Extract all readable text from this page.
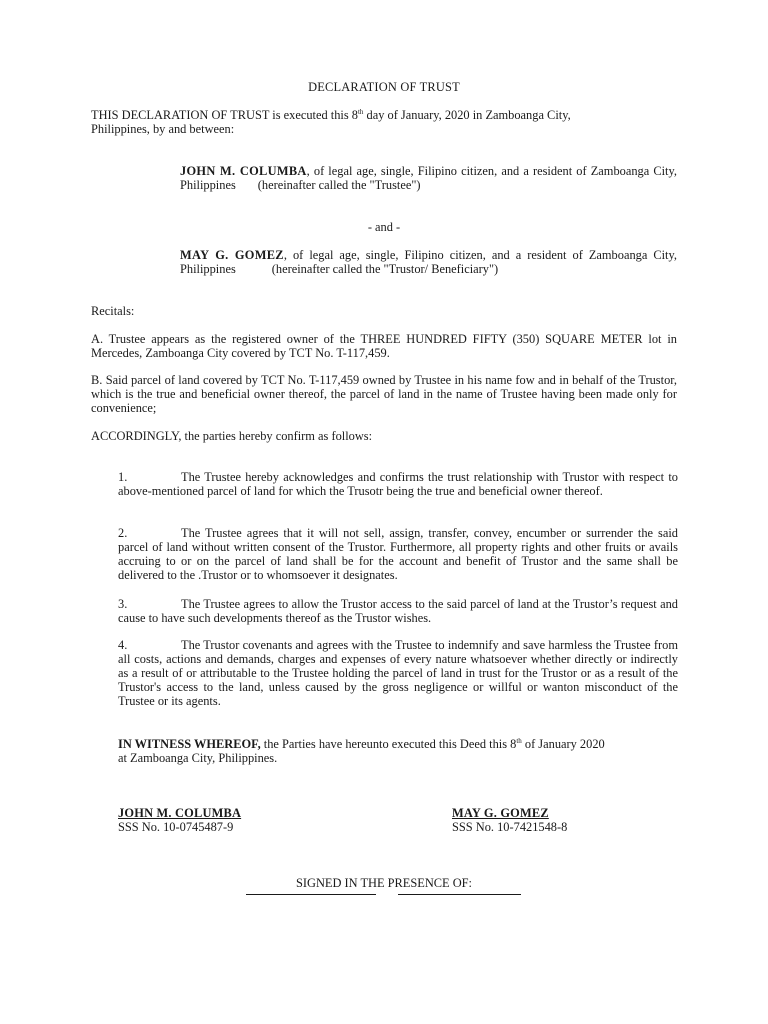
DECLARATION OF TRUST
THIS DECLARATION OF TRUST is executed this 8th day of January, 2020 in Zamboanga City,
Philippines, by and between:
JOHN M. COLUMBA, of legal age, single, Filipino citizen, and a resident of Zamboanga City, Philippines (hereinafter called the "Trustee")
- and -
MAY G. GOMEZ, of legal age, single, Filipino citizen, and a resident of Zamboanga City, Philippines	(hereinafter called the "Trustor/ Beneficiary")
Recitals:
A. Trustee appears as the registered owner of the THREE HUNDRED FIFTY (350) SQUARE METER lot in Mercedes, Zamboanga City covered by TCT No. T-117,459.
B. Said parcel of land covered by TCT No. T-117,459 owned by Trustee in his name fow and in behalf of the Trustor, which is the true and beneficial owner thereof, the parcel of land in the name of Trustee having been made only for convenience;
ACCORDINGLY, the parties hereby confirm as follows:
1.	The Trustee hereby acknowledges and confirms the trust relationship with Trustor with respect to above-mentioned parcel of land for which the Trusotr being the true and beneficial owner thereof.
2.	The Trustee agrees that it will not sell, assign, transfer, convey, encumber or surrender the said parcel of land without written consent of the Trustor. Furthermore, all property rights and other fruits or avails accruing to or on the parcel of land shall be for the account and benefit of Trustor and the same shall be delivered to the .Trustor or to whomsoever it designates.
3.	The Trustee agrees to allow the Trustor access to the said parcel of land at the Trustor’s request and cause to have such developments thereof as the Trustor wishes.
4.	The Trustor covenants and agrees with the Trustee to indemnify and save harmless the Trustee from all costs, actions and demands, charges and expenses of every nature whatsoever whether directly or indirectly as a result of or attributable to the Trustee holding the parcel of land in trust for the Trustor or as a result of the Trustor's access to the land, unless caused by the gross negligence or willful or wanton misconduct of the Trustee or its agents.
IN WITNESS WHEREOF, the Parties have hereunto executed this Deed this 8th of January 2020
at Zamboanga City, Philippines.
JOHN M. COLUMBA
SSS No. 10-0745487-9
MAY G. GOMEZ
SSS No. 10-7421548-8
SIGNED IN THE PRESENCE OF:
